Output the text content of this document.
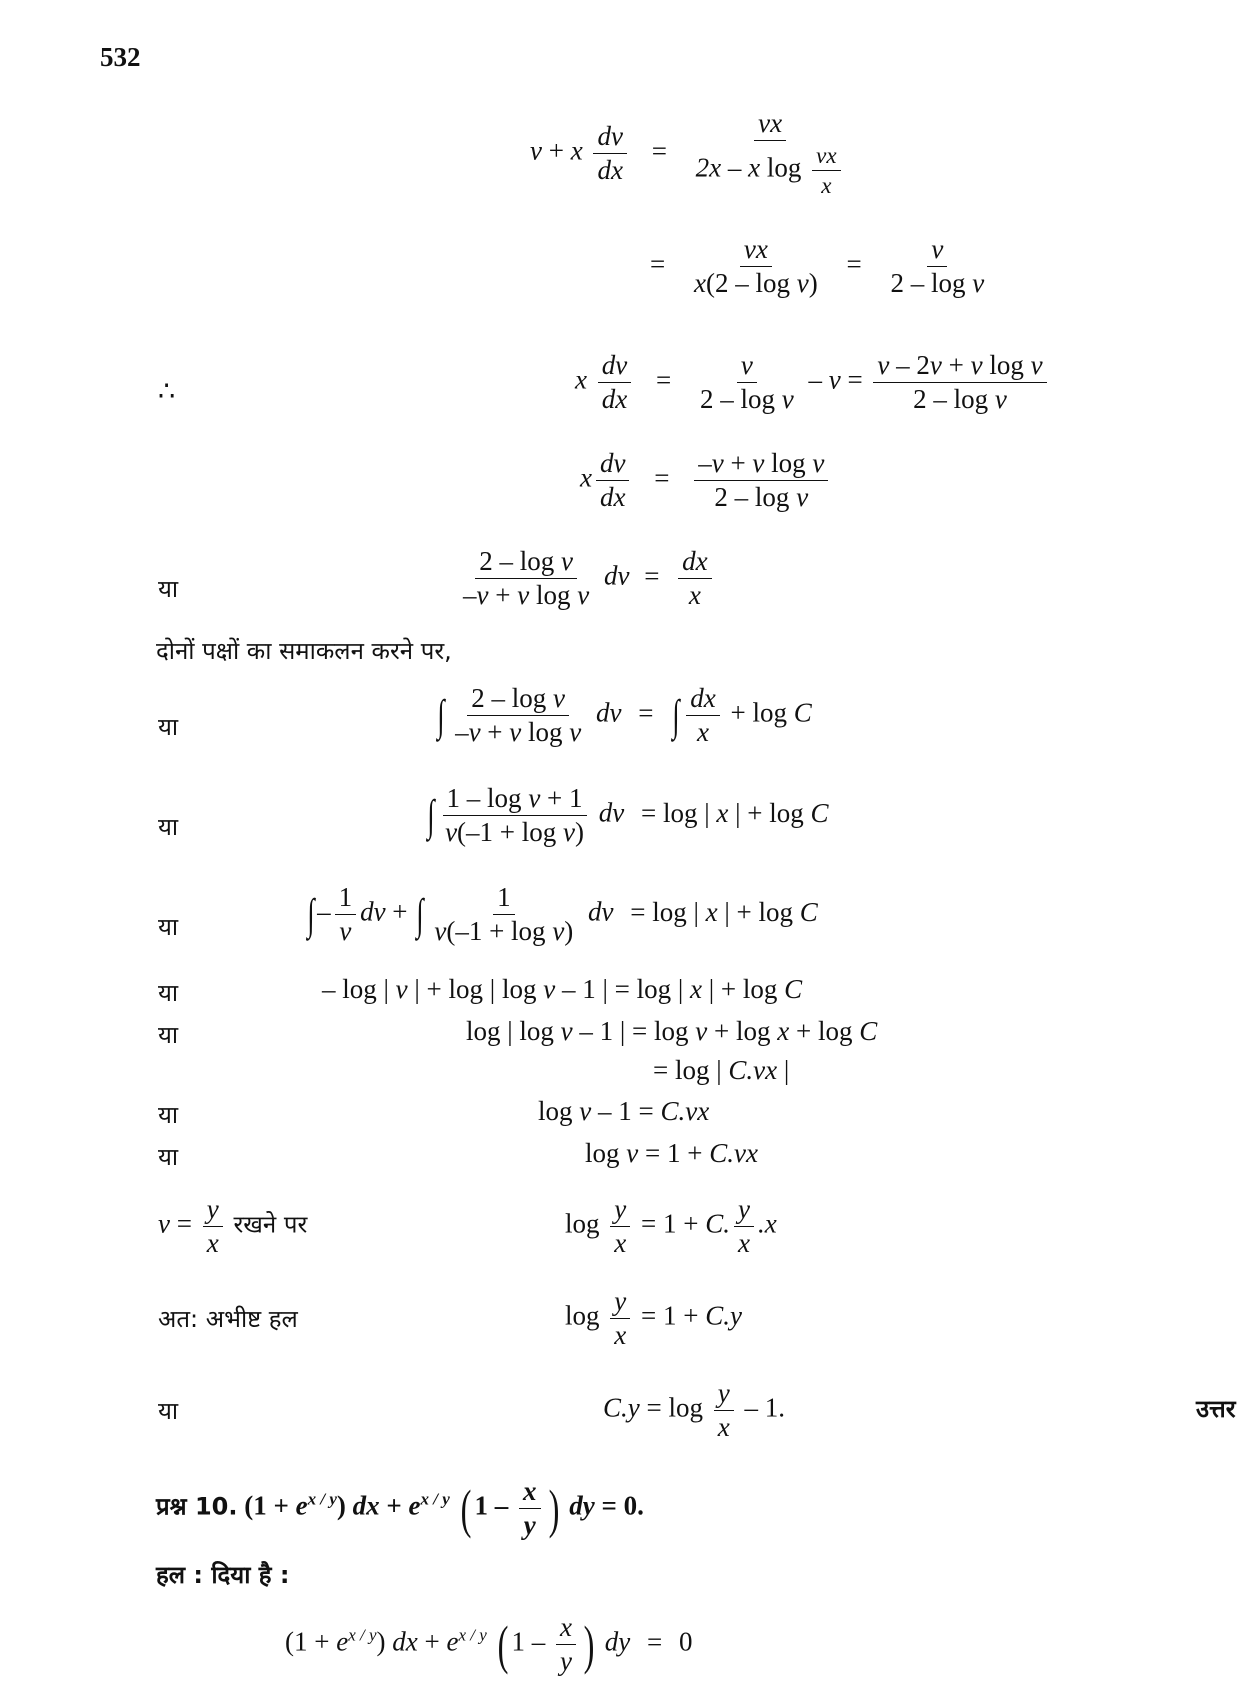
532
v + x $\frac{dv}{dx} = \frac{vx}{2x - x \log \frac{vx}{x}}$
= $\frac{vx}{\text{x(2 – log v)}} = \frac{v}{\text{2 – log v}}$
∴	x $\frac{dv}{dx} = \frac{v}{\text{2 – log v}} - v = \frac{\text{v – 2v + v log v}}{\text{2 – log v}}$
x $\frac{dv}{dx} = \frac{\text{–v + v log v}}{\text{2 – log v}}$
या	$\frac{\text{2 – log v}}{\text{–v + v log v}}$ dv = $\frac{dx}{x}$
दोनों पक्षों का समाकलन करने पर,
या	∫ $\frac{\text{2 – log v}}{\text{–v + v log v}}$ dv = ∫ $\frac{dx}{x} + \log C$
या	∫ $\frac{\text{1 – log v + 1}}{\text{v(–1 + log v)}}$ dv = log | x | + log C
या	∫– $\frac{1}{v}$ dv + ∫ $\frac{1}{\text{v(–1 + log v)}}$ dv = log | x | + log C
या	– log | v | + log | log v – 1 | = log | x | + log C
या	log | log v – 1 | = log v + log x + log C
= log | C.vx |
या	log v – 1 = C.vx
या	log v = 1 + C.vx
$v = \frac{y}{x}$ रखने पर	$\log \frac{y}{x} = 1 + C$. $\frac{y}{x} .x$
अत: अभीष्ट हल	$\log \frac{y}{x} = 1 + C.y$
या	$C.y = \log \frac{y}{x} - 1$.	उत्तर
प्रश्न 10. $(1 + e^{x / y})$ dx + $e^{x / y}$ ( $1 - \frac{x}{y}$ ) dy = 0.
हल : दिया है :
$(1 + e^{x / y})$ dx + $e^{x / y}$ ( $1 - \frac{x}{y}$ ) dy = 0
